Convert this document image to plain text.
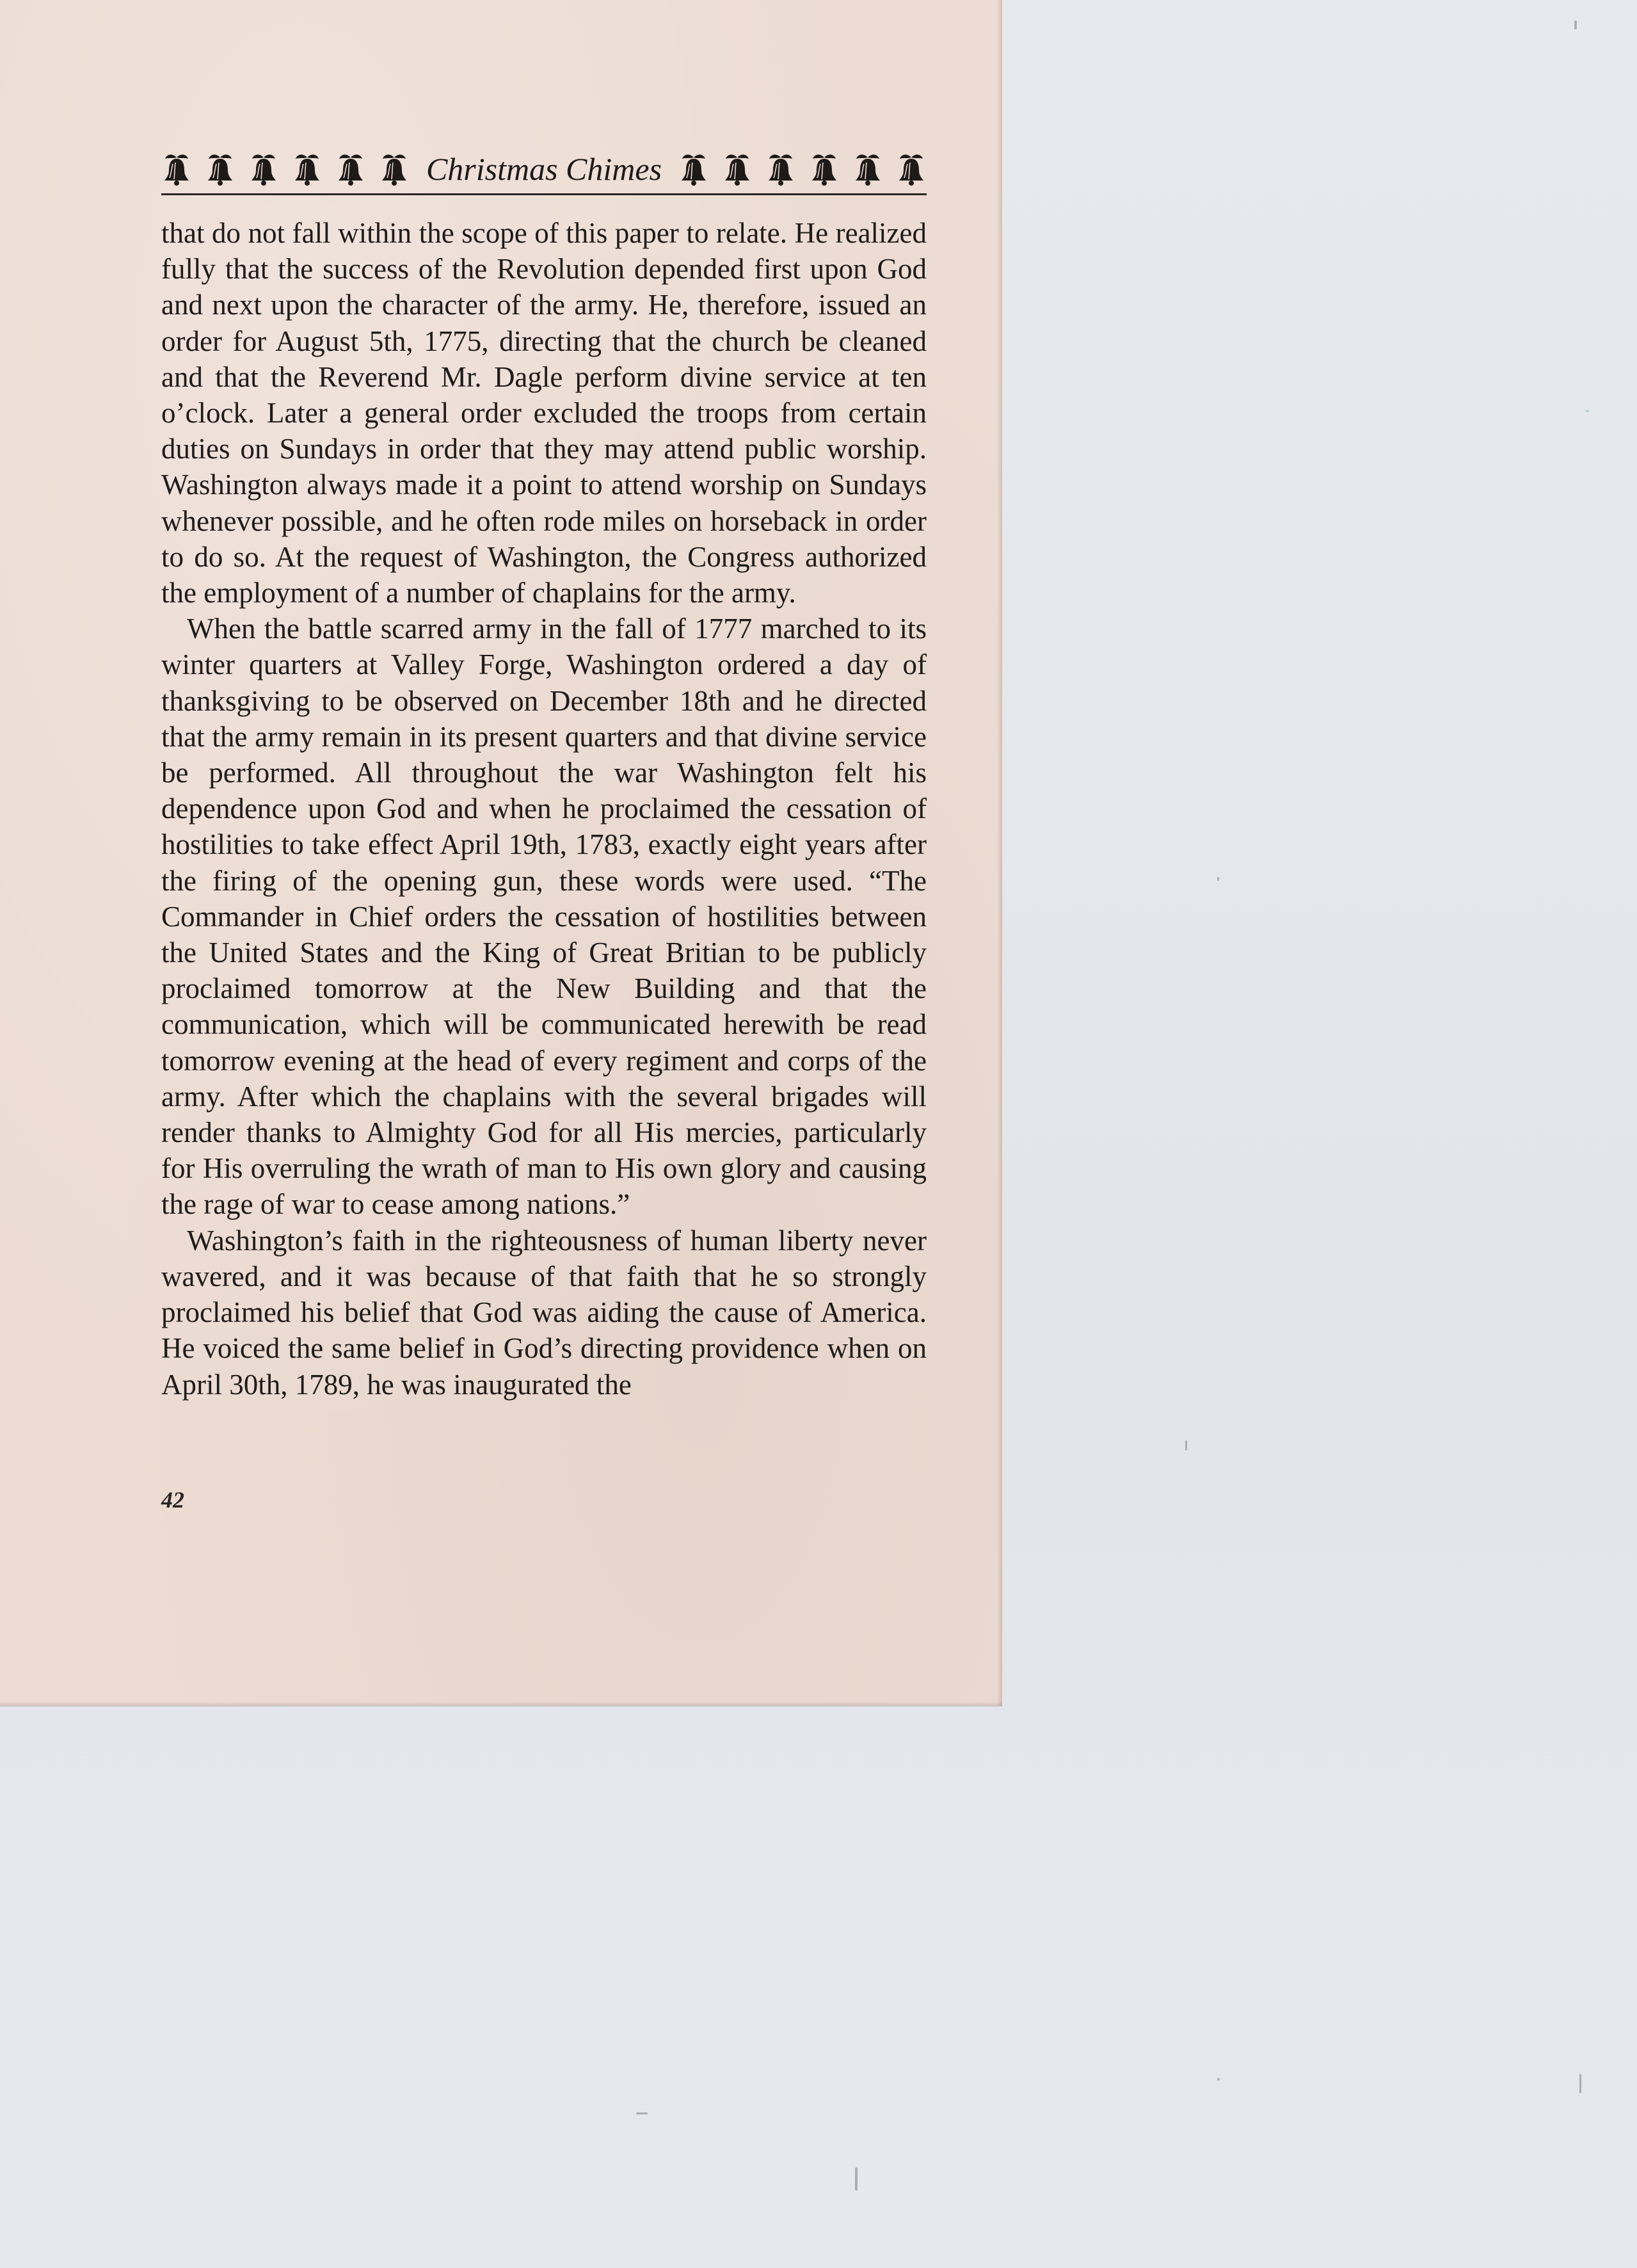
Christmas Chimes

that do not fall within the scope of this paper to relate. He realized fully that the success of the Revolution depended first upon God and next upon the character of the army. He, therefore, issued an order for August 5th, 1775, directing that the church be cleaned and that the Reverend Mr. Dagle perform divine service at ten o’clock. Later a general order excluded the troops from certain duties on Sundays in order that they may attend public worship. Washington always made it a point to attend worship on Sundays whenever possible, and he often rode miles on horseback in order to do so. At the request of Washington, the Congress authorized the employment of a number of chaplains for the army.

When the battle scarred army in the fall of 1777 marched to its winter quarters at Valley Forge, Washington ordered a day of thanksgiving to be observed on December 18th and he directed that the army remain in its present quarters and that divine service be performed. All throughout the war Washington felt his dependence upon God and when he proclaimed the cessation of hostilities to take effect April 19th, 1783, exactly eight years after the firing of the opening gun, these words were used. “The Commander in Chief orders the cessation of hostilities between the United States and the King of Great Britian to be publicly proclaimed tomorrow at the New Building and that the communication, which will be communicated herewith be read tomorrow evening at the head of every regiment and corps of the army. After which the chaplains with the several brigades will render thanks to Almighty God for all His mercies, particularly for His overruling the wrath of man to His own glory and causing the rage of war to cease among nations.”

Washington’s faith in the righteousness of human liberty never wavered, and it was because of that faith that he so strongly proclaimed his belief that God was aiding the cause of America. He voiced the same belief in God’s directing providence when on April 30th, 1789, he was inaugurated the

42
